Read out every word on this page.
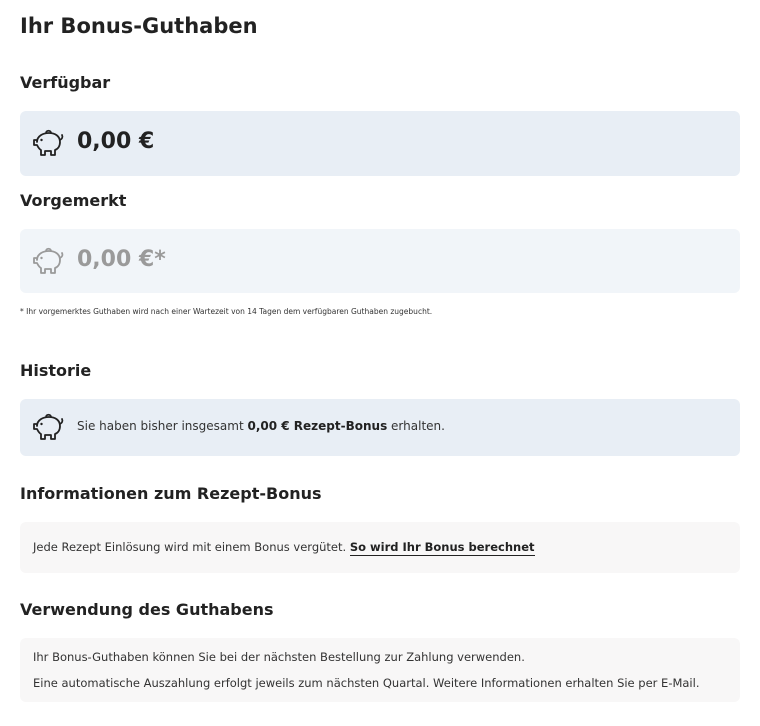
Ihr Bonus-Guthaben
Verfügbar
0,00 €
Vorgemerkt
0,00 €*
* Ihr vorgemerktes Guthaben wird nach einer Wartezeit von 14 Tagen dem verfügbaren Guthaben zugebucht.
Historie
Sie haben bisher insgesamt 0,00 € Rezept-Bonus erhalten.
Informationen zum Rezept-Bonus
Jede Rezept Einlösung wird mit einem Bonus vergütet. So wird Ihr Bonus berechnet
Verwendung des Guthabens
Ihr Bonus-Guthaben können Sie bei der nächsten Bestellung zur Zahlung verwenden.
Eine automatische Auszahlung erfolgt jeweils zum nächsten Quartal. Weitere Informationen erhalten Sie per E-Mail.
